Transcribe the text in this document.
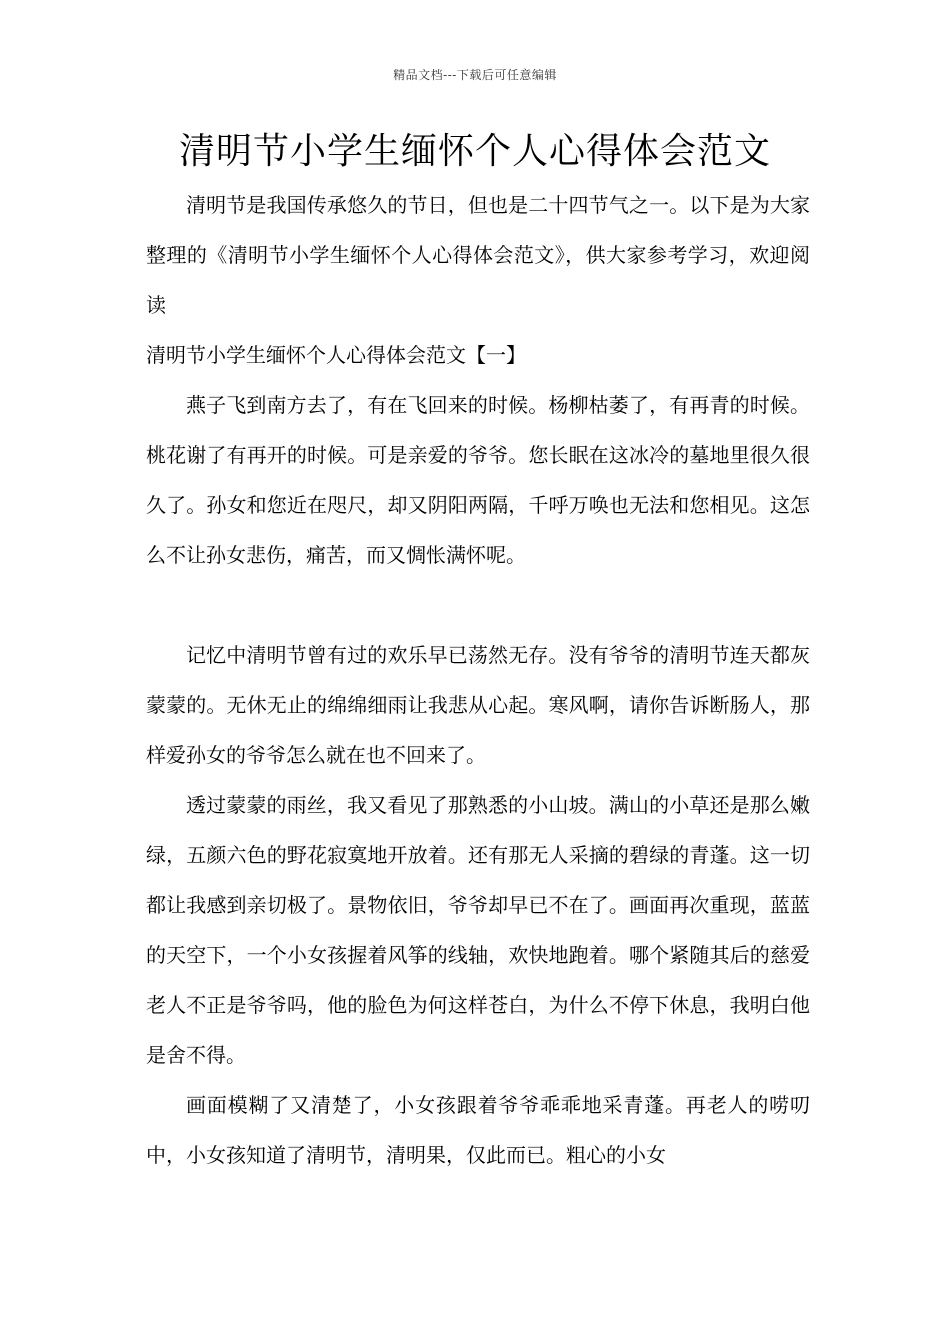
精品文档---下载后可任意编辑
清明节小学生缅怀个人心得体会范文

清明节是我国传承悠久的节日，但也是二十四节气之一。以下是为大家整理的《清明节小学生缅怀个人心得体会范文》，供大家参考学习，欢迎阅读

清明节小学生缅怀个人心得体会范文【一】

燕子飞到南方去了，有在飞回来的时候。杨柳枯萎了，有再青的时候。桃花谢了有再开的时候。可是亲爱的爷爷。您长眠在这冰冷的墓地里很久很久了。孙女和您近在咫尺，却又阴阳两隔，千呼万唤也无法和您相见。这怎么不让孙女悲伤，痛苦，而又惆怅满怀呢。

记忆中清明节曾有过的欢乐早已荡然无存。没有爷爷的清明节连天都灰蒙蒙的。无休无止的绵绵细雨让我悲从心起。寒风啊，请你告诉断肠人，那样爱孙女的爷爷怎么就在也不回来了。

透过蒙蒙的雨丝，我又看见了那熟悉的小山坡。满山的小草还是那么嫩绿，五颜六色的野花寂寞地开放着。还有那无人采摘的碧绿的青蓬。这一切都让我感到亲切极了。景物依旧，爷爷却早已不在了。画面再次重现，蓝蓝的天空下，一个小女孩握着风筝的线轴，欢快地跑着。哪个紧随其后的慈爱老人不正是爷爷吗，他的脸色为何这样苍白，为什么不停下休息，我明白他是舍不得。

画面模糊了又清楚了，小女孩跟着爷爷乖乖地采青蓬。再老人的唠叨中，小女孩知道了清明节，清明果，仅此而已。粗心的小女
